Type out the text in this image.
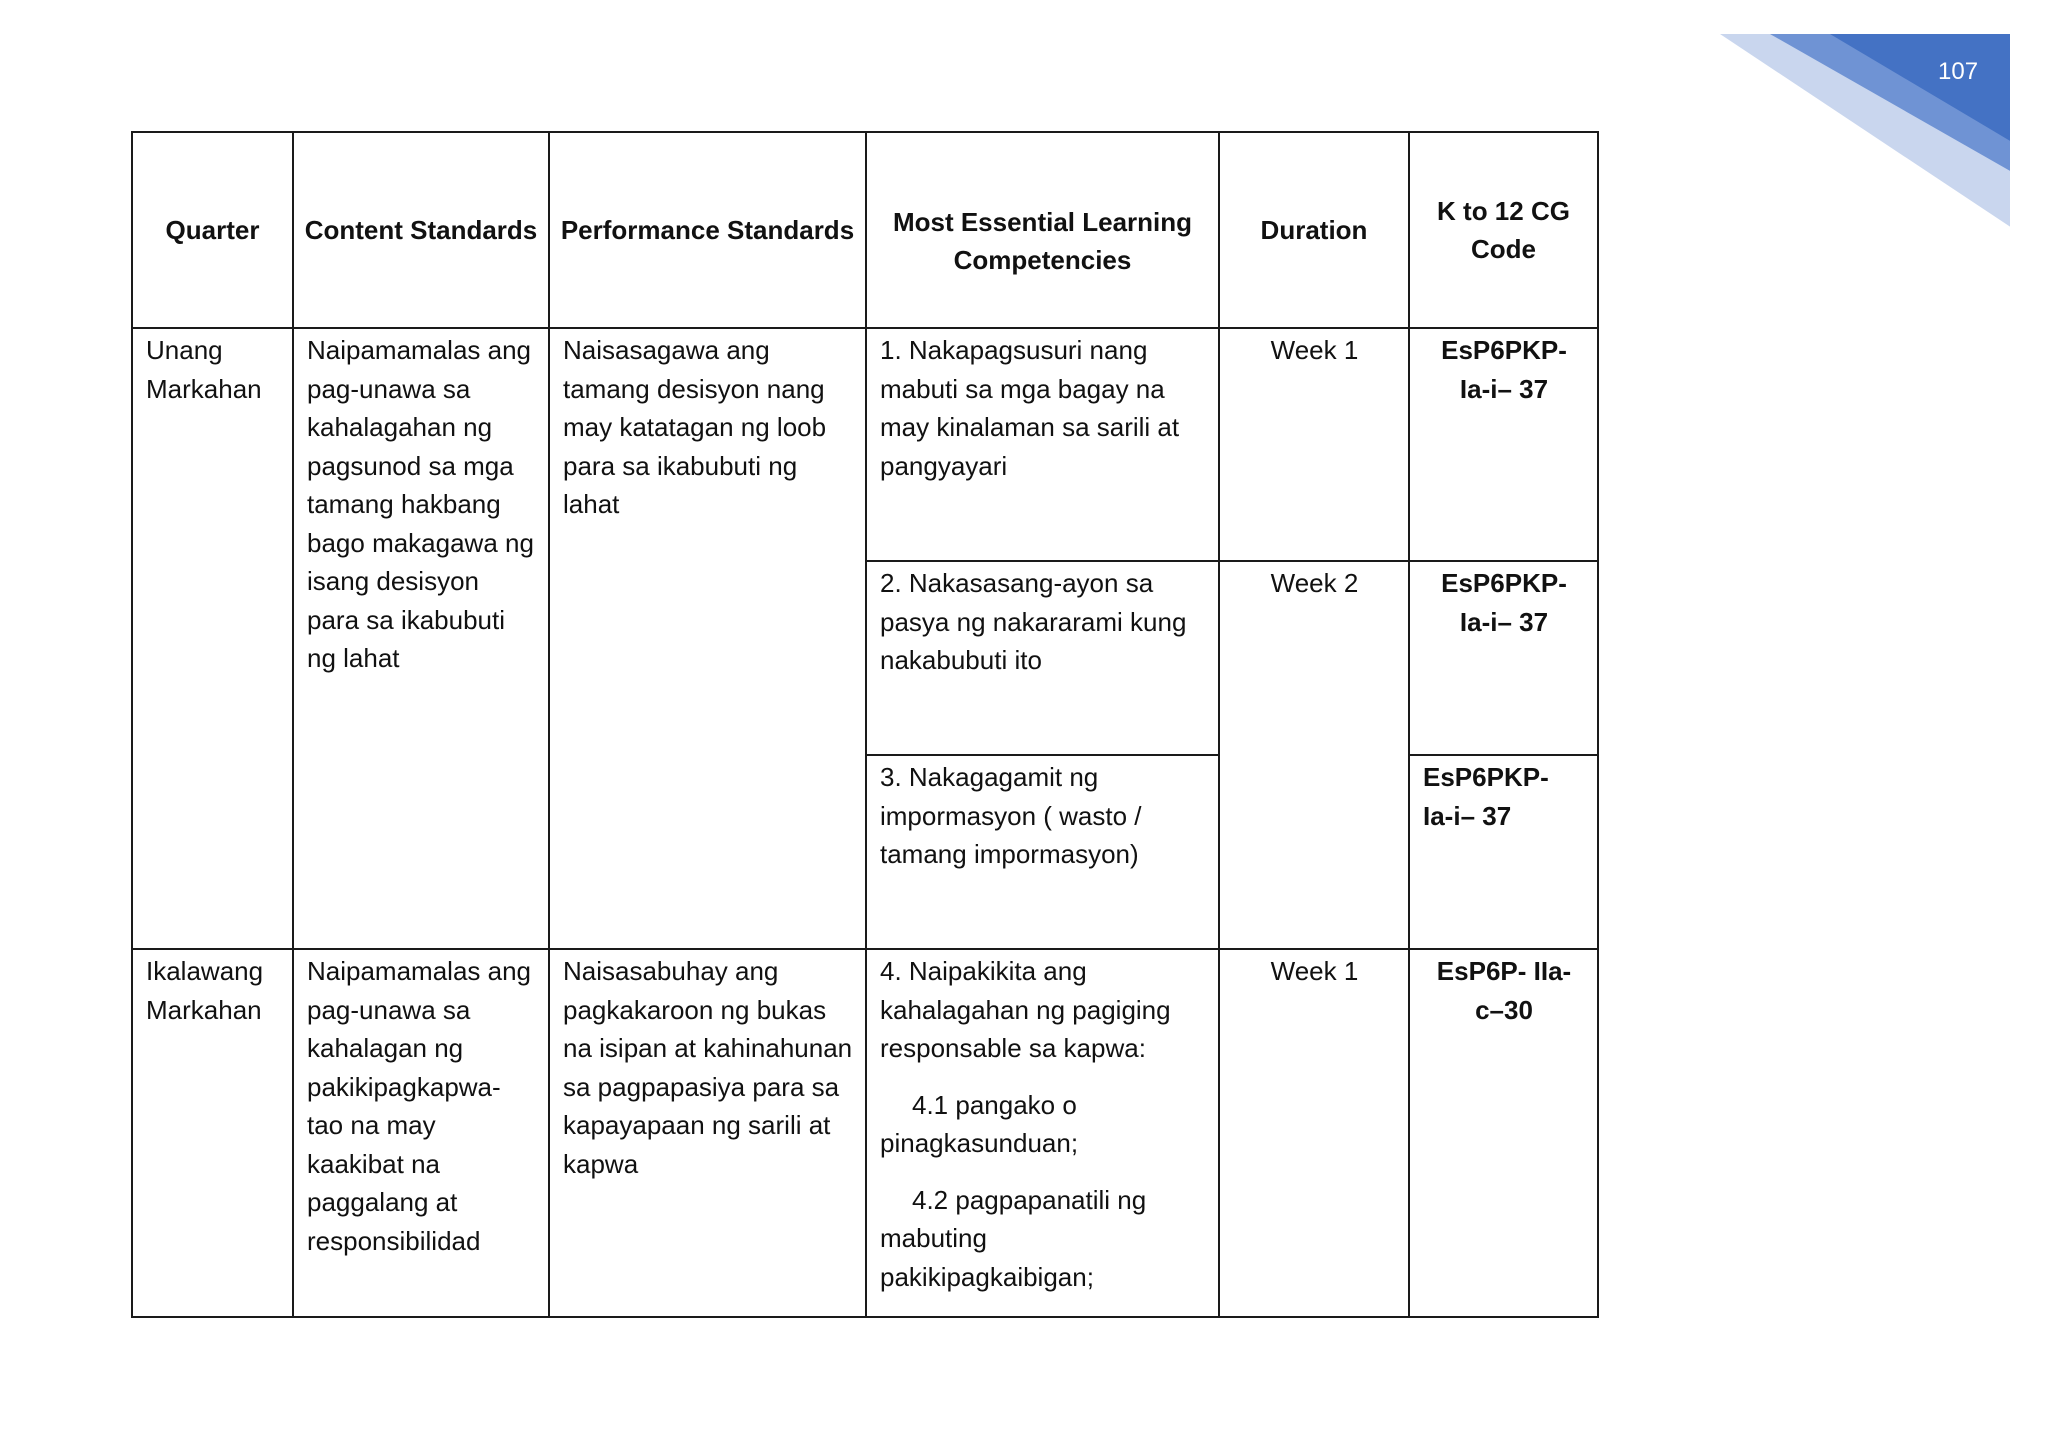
107
Quarter	Content Standards	Performance Standards	Most Essential Learning Competencies	Duration	K to 12 CG Code
Unang Markahan	Naipamamalas ang pag-unawa sa kahalagahan ng pagsunod sa mga tamang hakbang bago makagawa ng isang desisyon para sa ikabubuti ng lahat	Naisasagawa ang tamang desisyon nang may katatagan ng loob para sa ikabubuti ng lahat	1. Nakapagsusuri nang mabuti sa mga bagay na may kinalaman sa sarili at pangyayari	Week 1	EsP6PKP- Ia-i– 37
			2. Nakasasang-ayon sa pasya ng nakararami kung nakabubuti ito	Week 2	EsP6PKP- Ia-i– 37
			3. Nakagagamit ng impormasyon ( wasto / tamang impormasyon)		EsP6PKP- Ia-i– 37
Ikalawang Markahan	Naipamamalas ang pag-unawa sa kahalagan ng pakikipagkapwa-tao na may kaakibat na paggalang at responsibilidad	Naisasabuhay ang pagkakaroon ng bukas na isipan at kahinahunan sa pagpapasiya para sa kapayapaan ng sarili at kapwa	4. Naipakikita ang kahalagahan ng pagiging responsable sa kapwa:
4.1 pangako o pinagkasunduan;
4.2 pagpapanatili ng mabuting pakikipagkaibigan;	Week 1	EsP6P- IIa-c–30
